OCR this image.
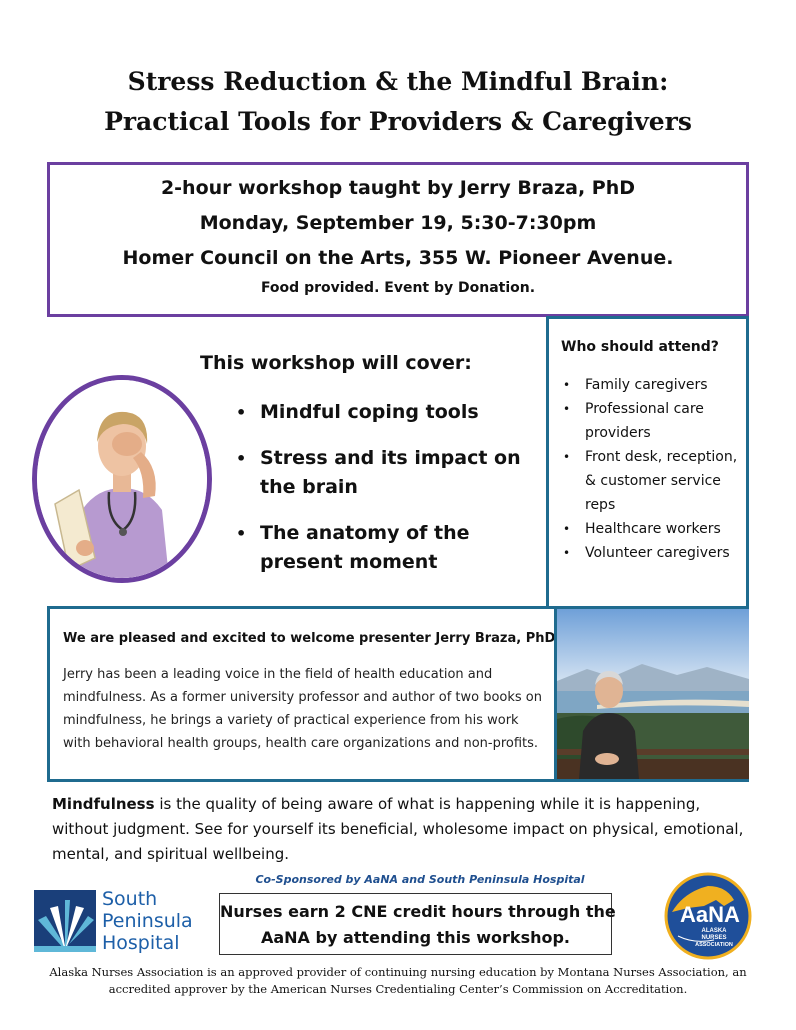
Stress Reduction & the Mindful Brain:
Practical Tools for Providers & Caregivers
2-hour workshop taught by Jerry Braza, PhD
Monday, September 19, 5:30-7:30pm
Homer Council on the Arts, 355 W. Pioneer Avenue.
Food provided. Event by Donation.
This workshop will cover:
• Mindful coping tools
• Stress and its impact on the brain
• The anatomy of the present moment
Who should attend?
• Family caregivers
• Professional care providers
• Front desk, reception, & customer service reps
• Healthcare workers
• Volunteer caregivers
We are pleased and excited to welcome presenter Jerry Braza, PhD
Jerry has been a leading voice in the field of health education and mindfulness. As a former university professor and author of two books on mindfulness, he brings a variety of practical experience from his work with behavioral health groups, health care organizations and non-profits.
Mindfulness is the quality of being aware of what is happening while it is happening, without judgment. See for yourself its beneficial, wholesome impact on physical, emotional, mental, and spiritual wellbeing.
Co-Sponsored by AaNA and South Peninsula Hospital
South
Peninsula
Hospital
Nurses earn 2 CNE credit hours through the
AaNA by attending this workshop.
AaNA
ALASKA
NURSES
ASSOCIATION
Alaska Nurses Association is an approved provider of continuing nursing education by Montana Nurses Association, an
accredited approver by the American Nurses Credentialing Center’s Commission on Accreditation.
